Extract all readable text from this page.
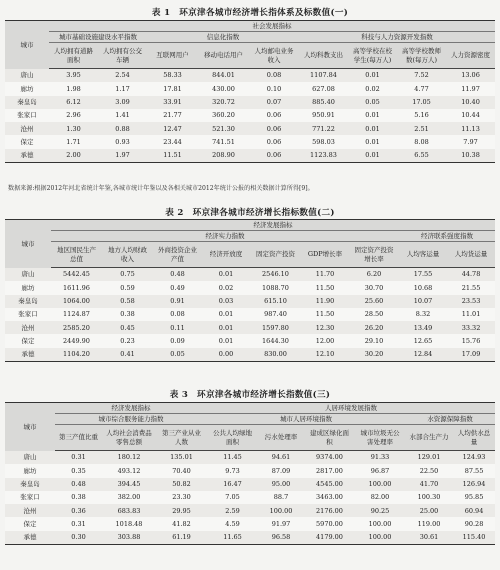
表 1　环京津各城市经济增长指体系及标数值(一)
城市	社会发展指标								
	城市基础设施建设水平指数		信息化指数			科技与人力资源开发指数			
	人均拥有道路面积	人均拥有公交车辆	互联网用户	移动电话用户	人均邮电业务收入	人均科教支出	高等学校在校学生(每万人)	高等学校教师数(每万人)	人力资源密度
唐山	3.95	2.54	58.33	844.01	0.08	1107.84	0.01	7.52	13.06
廊坊	1.98	1.17	17.81	430.00	0.10	627.08	0.02	4.77	11.97
秦皇岛	6.12	3.09	33.91	320.72	0.07	885.40	0.05	17.05	10.40
张家口	2.96	1.41	21.77	360.20	0.06	950.91	0.01	5.16	10.44
沧州	1.30	0.88	12.47	521.30	0.06	771.22	0.01	2.51	11.13
保定	1.71	0.93	23.44	741.51	0.06	598.03	0.01	8.08	7.97
承德	2.00	1.97	11.51	208.90	0.06	1123.83	0.01	6.55	10.38
数据来源:根据2012年河北省统计年鉴,各城市统计年鉴以及各相关城市2012年统计公报的相关数据计算所得[9]。
表 2　环京津各城市经济增长指标数值(二)
城市	经济发展指标								
	经济实力指数							经济联系强度指数	
	地区国民生产总值	地方人均财政收入	外商投资企业产值	经济开放度	固定资产投资	GDP增长率	固定资产投资增长率	人均客运量	人均货运量
唐山	5442.45	0.75	0.48	0.01	2546.10	11.70	6.20	17.55	44.78
廊坊	1611.96	0.59	0.49	0.02	1088.70	11.50	30.70	10.68	21.55
秦皇岛	1064.00	0.58	0.91	0.03	615.10	11.90	25.60	10.07	23.53
张家口	1124.87	0.38	0.08	0.01	987.40	11.50	28.50	8.32	11.01
沧州	2585.20	0.45	0.11	0.01	1597.80	12.30	26.20	13.49	33.32
保定	2449.90	0.23	0.09	0.01	1644.30	12.00	29.10	12.65	15.76
承德	1104.20	0.41	0.05	0.00	830.00	12.10	30.20	12.84	17.09
表 3　环京津各城市经济增长指数值(三)
城市	经济发展指标			人居环境发展指数					
	城市综合服务能力指数			城市人居环境指数				水资源保障指数	
	第三产值比重	人均社会消费品零售总额	第三产业从业人数	公共人均绿地面积	污水处理率	建成区绿化面积	城市垃圾无公害处理率	水部合生产力	人均供水总量
唐山	0.31	180.12	135.01	11.45	94.61	9374.00	91.33	129.01	124.93
廊坊	0.35	493.12	70.40	9.73	87.09	2817.00	96.87	22.50	87.55
秦皇岛	0.48	394.45	50.82	16.47	95.00	4545.00	100.00	41.70	126.94
张家口	0.38	382.00	23.30	7.05	88.7	3463.00	82.00	100.30	95.85
沧州	0.36	683.83	29.95	2.59	100.00	2176.00	90.25	25.00	60.94
保定	0.31	1018.48	41.82	4.59	91.97	5970.00	100.00	119.00	90.28
承德	0.30	303.88	61.19	11.65	96.58	4179.00	100.00	30.61	115.40
